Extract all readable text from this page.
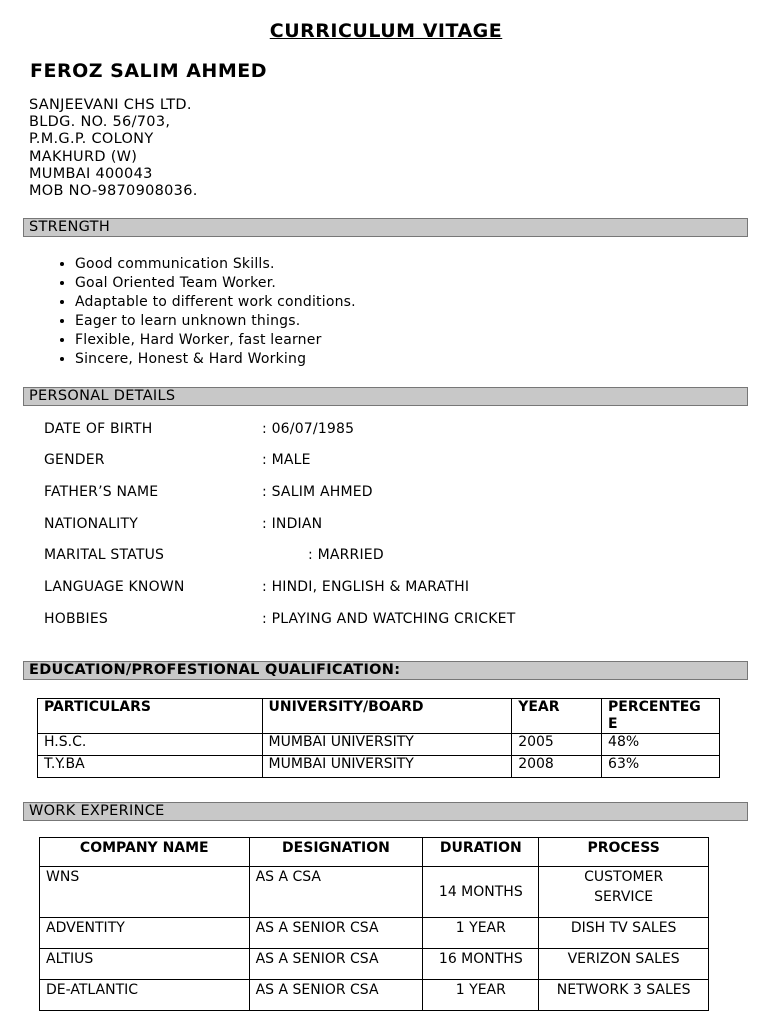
CURRICULUM VITAGE
FEROZ SALIM AHMED
SANJEEVANI CHS LTD.
BLDG. NO. 56/703,
P.M.G.P. COLONY
MAKHURD (W)
MUMBAI 400043
MOB NO-9870908036.
STRENGTH
• Good communication Skills.
• Goal Oriented Team Worker.
• Adaptable to different work conditions.
• Eager to learn unknown things.
• Flexible, Hard Worker, fast learner
• Sincere, Honest & Hard Working
PERSONAL DETAILS
DATE OF BIRTH	: 06/07/1985
GENDER	: MALE
FATHER’S NAME	: SALIM AHMED
NATIONALITY	: INDIAN
MARITAL STATUS	: MARRIED
LANGUAGE KNOWN	: HINDI, ENGLISH & MARATHI
HOBBIES	: PLAYING AND WATCHING CRICKET
EDUCATION/PROFESTIONAL QUALIFICATION:
PARTICULARS	UNIVERSITY/BOARD	YEAR	PERCENTEG
E
H.S.C.	MUMBAI UNIVERSITY	2005	48%
T.Y.BA	MUMBAI UNIVERSITY	2008	63%
WORK EXPERINCE
COMPANY NAME	DESIGNATION	DURATION	PROCESS
WNS	AS A CSA	14 MONTHS	CUSTOMER
SERVICE
ADVENTITY	AS A SENIOR CSA	1 YEAR	DISH TV SALES
ALTIUS	AS A SENIOR CSA	16 MONTHS	VERIZON SALES
DE-ATLANTIC	AS A SENIOR CSA	1 YEAR	NETWORK 3 SALES
